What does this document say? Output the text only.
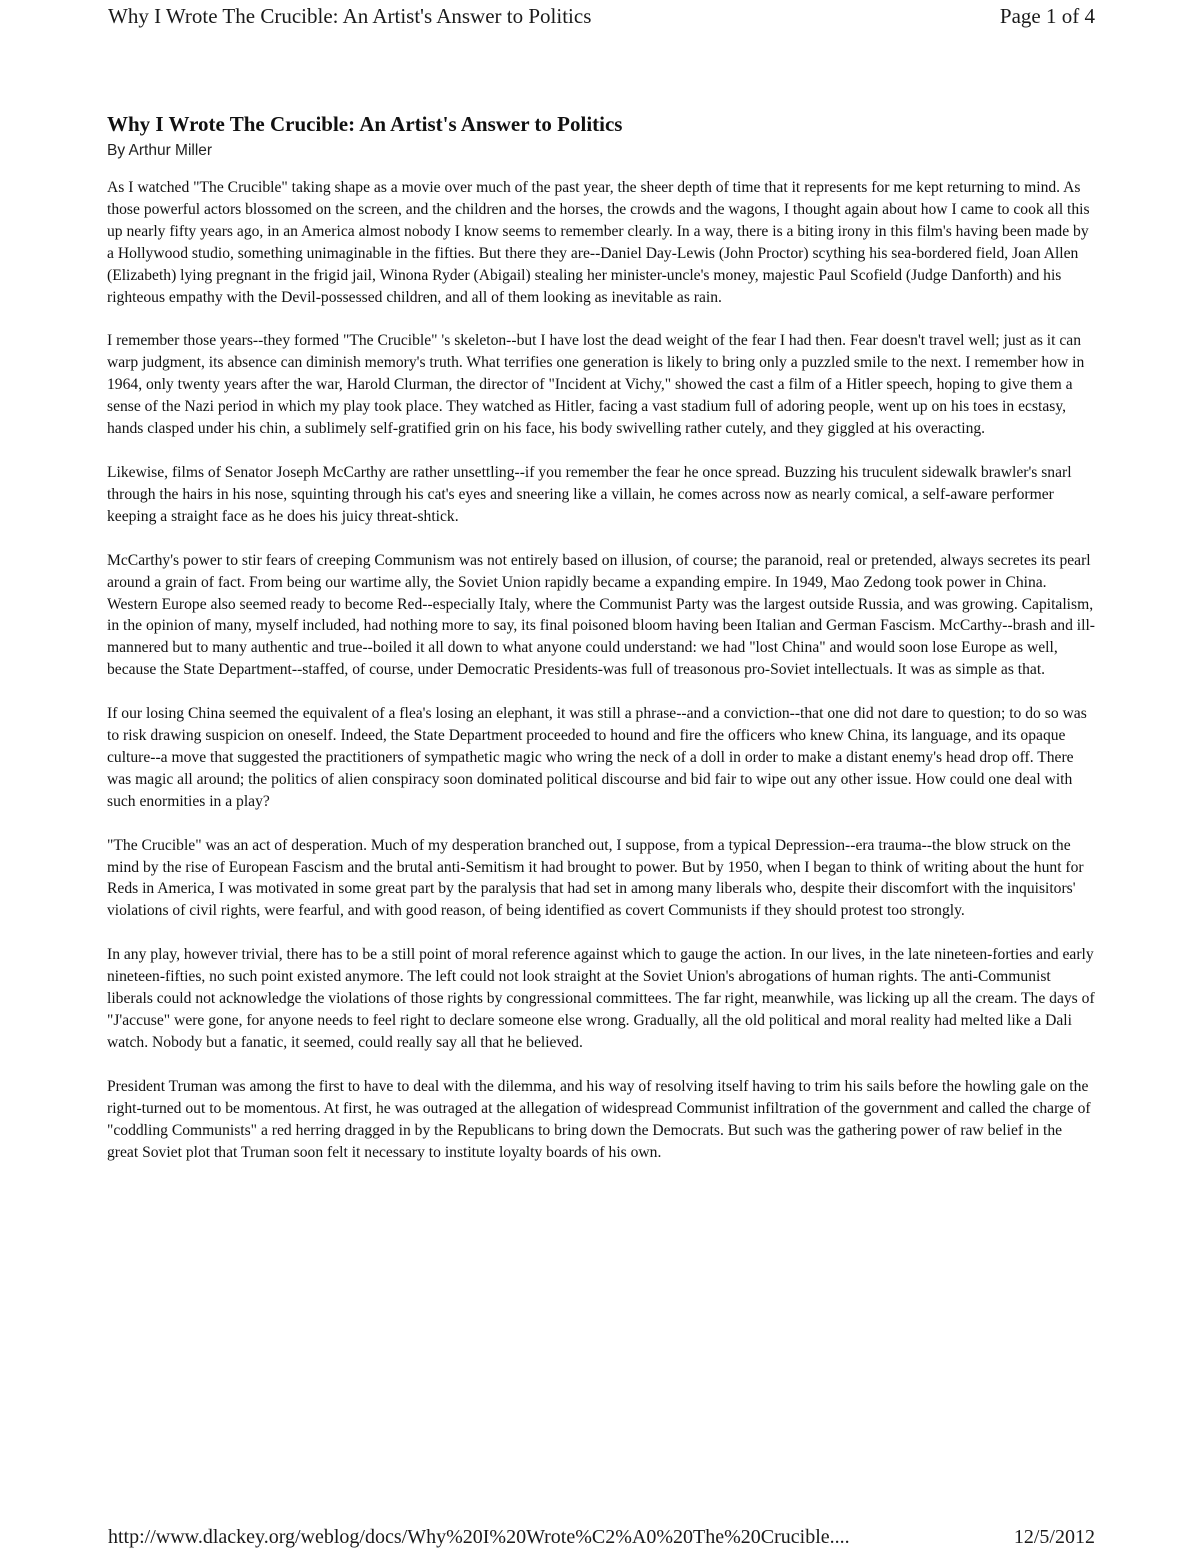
Why I Wrote The Crucible: An Artist's Answer to Politics	Page 1 of 4
Why I Wrote The Crucible: An Artist's Answer to Politics
By Arthur Miller

As I watched "The Crucible" taking shape as a movie over much of the past year, the sheer depth of time that it represents for me kept returning to mind. As those powerful actors blossomed on the screen, and the children and the horses, the crowds and the wagons, I thought again about how I came to cook all this up nearly fifty years ago, in an America almost nobody I know seems to remember clearly. In a way, there is a biting irony in this film's having been made by a Hollywood studio, something unimaginable in the fifties. But there they are--Daniel Day-Lewis (John Proctor) scything his sea-bordered field, Joan Allen (Elizabeth) lying pregnant in the frigid jail, Winona Ryder (Abigail) stealing her minister-uncle's money, majestic Paul Scofield (Judge Danforth) and his righteous empathy with the Devil-possessed children, and all of them looking as inevitable as rain.

I remember those years--they formed "The Crucible" 's skeleton--but I have lost the dead weight of the fear I had then. Fear doesn't travel well; just as it can warp judgment, its absence can diminish memory's truth. What terrifies one generation is likely to bring only a puzzled smile to the next. I remember how in 1964, only twenty years after the war, Harold Clurman, the director of "Incident at Vichy," showed the cast a film of a Hitler speech, hoping to give them a sense of the Nazi period in which my play took place. They watched as Hitler, facing a vast stadium full of adoring people, went up on his toes in ecstasy, hands clasped under his chin, a sublimely self-gratified grin on his face, his body swivelling rather cutely, and they giggled at his overacting.

Likewise, films of Senator Joseph McCarthy are rather unsettling--if you remember the fear he once spread. Buzzing his truculent sidewalk brawler's snarl through the hairs in his nose, squinting through his cat's eyes and sneering like a villain, he comes across now as nearly comical, a self-aware performer keeping a straight face as he does his juicy threat-shtick.

McCarthy's power to stir fears of creeping Communism was not entirely based on illusion, of course; the paranoid, real or pretended, always secretes its pearl around a grain of fact. From being our wartime ally, the Soviet Union rapidly became a expanding empire. In 1949, Mao Zedong took power in China. Western Europe also seemed ready to become Red--especially Italy, where the Communist Party was the largest outside Russia, and was growing. Capitalism, in the opinion of many, myself included, had nothing more to say, its final poisoned bloom having been Italian and German Fascism. McCarthy--brash and ill-mannered but to many authentic and true--boiled it all down to what anyone could understand: we had "lost China" and would soon lose Europe as well, because the State Department--staffed, of course, under Democratic Presidents-was full of treasonous pro-Soviet intellectuals. It was as simple as that.

If our losing China seemed the equivalent of a flea's losing an elephant, it was still a phrase--and a conviction--that one did not dare to question; to do so was to risk drawing suspicion on oneself. Indeed, the State Department proceeded to hound and fire the officers who knew China, its language, and its opaque culture--a move that suggested the practitioners of sympathetic magic who wring the neck of a doll in order to make a distant enemy's head drop off. There was magic all around; the politics of alien conspiracy soon dominated political discourse and bid fair to wipe out any other issue. How could one deal with such enormities in a play?

"The Crucible" was an act of desperation. Much of my desperation branched out, I suppose, from a typical Depression--era trauma--the blow struck on the mind by the rise of European Fascism and the brutal anti-Semitism it had brought to power. But by 1950, when I began to think of writing about the hunt for Reds in America, I was motivated in some great part by the paralysis that had set in among many liberals who, despite their discomfort with the inquisitors' violations of civil rights, were fearful, and with good reason, of being identified as covert Communists if they should protest too strongly.

In any play, however trivial, there has to be a still point of moral reference against which to gauge the action. In our lives, in the late nineteen-forties and early nineteen-fifties, no such point existed anymore. The left could not look straight at the Soviet Union's abrogations of human rights. The anti-Communist liberals could not acknowledge the violations of those rights by congressional committees. The far right, meanwhile, was licking up all the cream. The days of "J'accuse" were gone, for anyone needs to feel right to declare someone else wrong. Gradually, all the old political and moral reality had melted like a Dali watch. Nobody but a fanatic, it seemed, could really say all that he believed.

President Truman was among the first to have to deal with the dilemma, and his way of resolving itself having to trim his sails before the howling gale on the right-turned out to be momentous. At first, he was outraged at the allegation of widespread Communist infiltration of the government and called the charge of "coddling Communists" a red herring dragged in by the Republicans to bring down the Democrats. But such was the gathering power of raw belief in the great Soviet plot that Truman soon felt it necessary to institute loyalty boards of his own.

http://www.dlackey.org/weblog/docs/Why%20I%20Wrote%C2%A0%20The%20Crucible....	12/5/2012
